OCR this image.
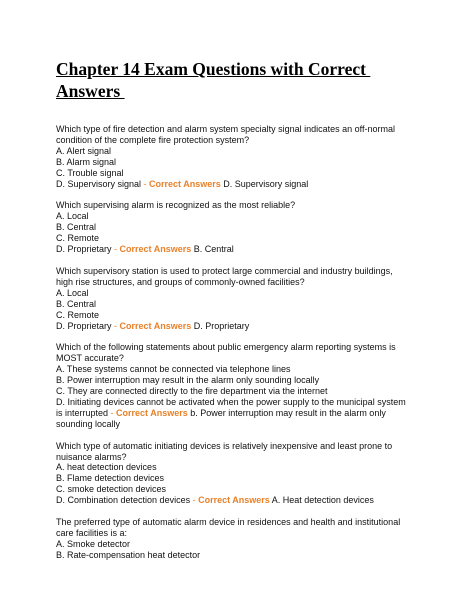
Chapter 14 Exam Questions with Correct
Answers
Which type of fire detection and alarm system specialty signal indicates an off-normal
condition of the complete fire protection system?
A. Alert signal
B. Alarm signal
C. Trouble signal
D. Supervisory signal - Correct Answers D. Supervisory signal
Which supervising alarm is recognized as the most reliable?
A. Local
B. Central
C. Remote
D. Proprietary - Correct Answers B. Central
Which supervisory station is used to protect large commercial and industry buildings,
high rise structures, and groups of commonly-owned facilities?
A. Local
B. Central
C. Remote
D. Proprietary - Correct Answers D. Proprietary
Which of the following statements about public emergency alarm reporting systems is
MOST accurate?
A. These systems cannot be connected via telephone lines
B. Power interruption may result in the alarm only sounding locally
C. They are connected directly to the fire department via the internet
D. Initiating devices cannot be activated when the power supply to the municipal system
is interrupted - Correct Answers b. Power interruption may result in the alarm only
sounding locally
Which type of automatic initiating devices is relatively inexpensive and least prone to
nuisance alarms?
A. heat detection devices
B. Flame detection devices
C. smoke detection devices
D. Combination detection devices - Correct Answers A. Heat detection devices
The preferred type of automatic alarm device in residences and health and institutional
care facilities is a:
A. Smoke detector
B. Rate-compensation heat detector
